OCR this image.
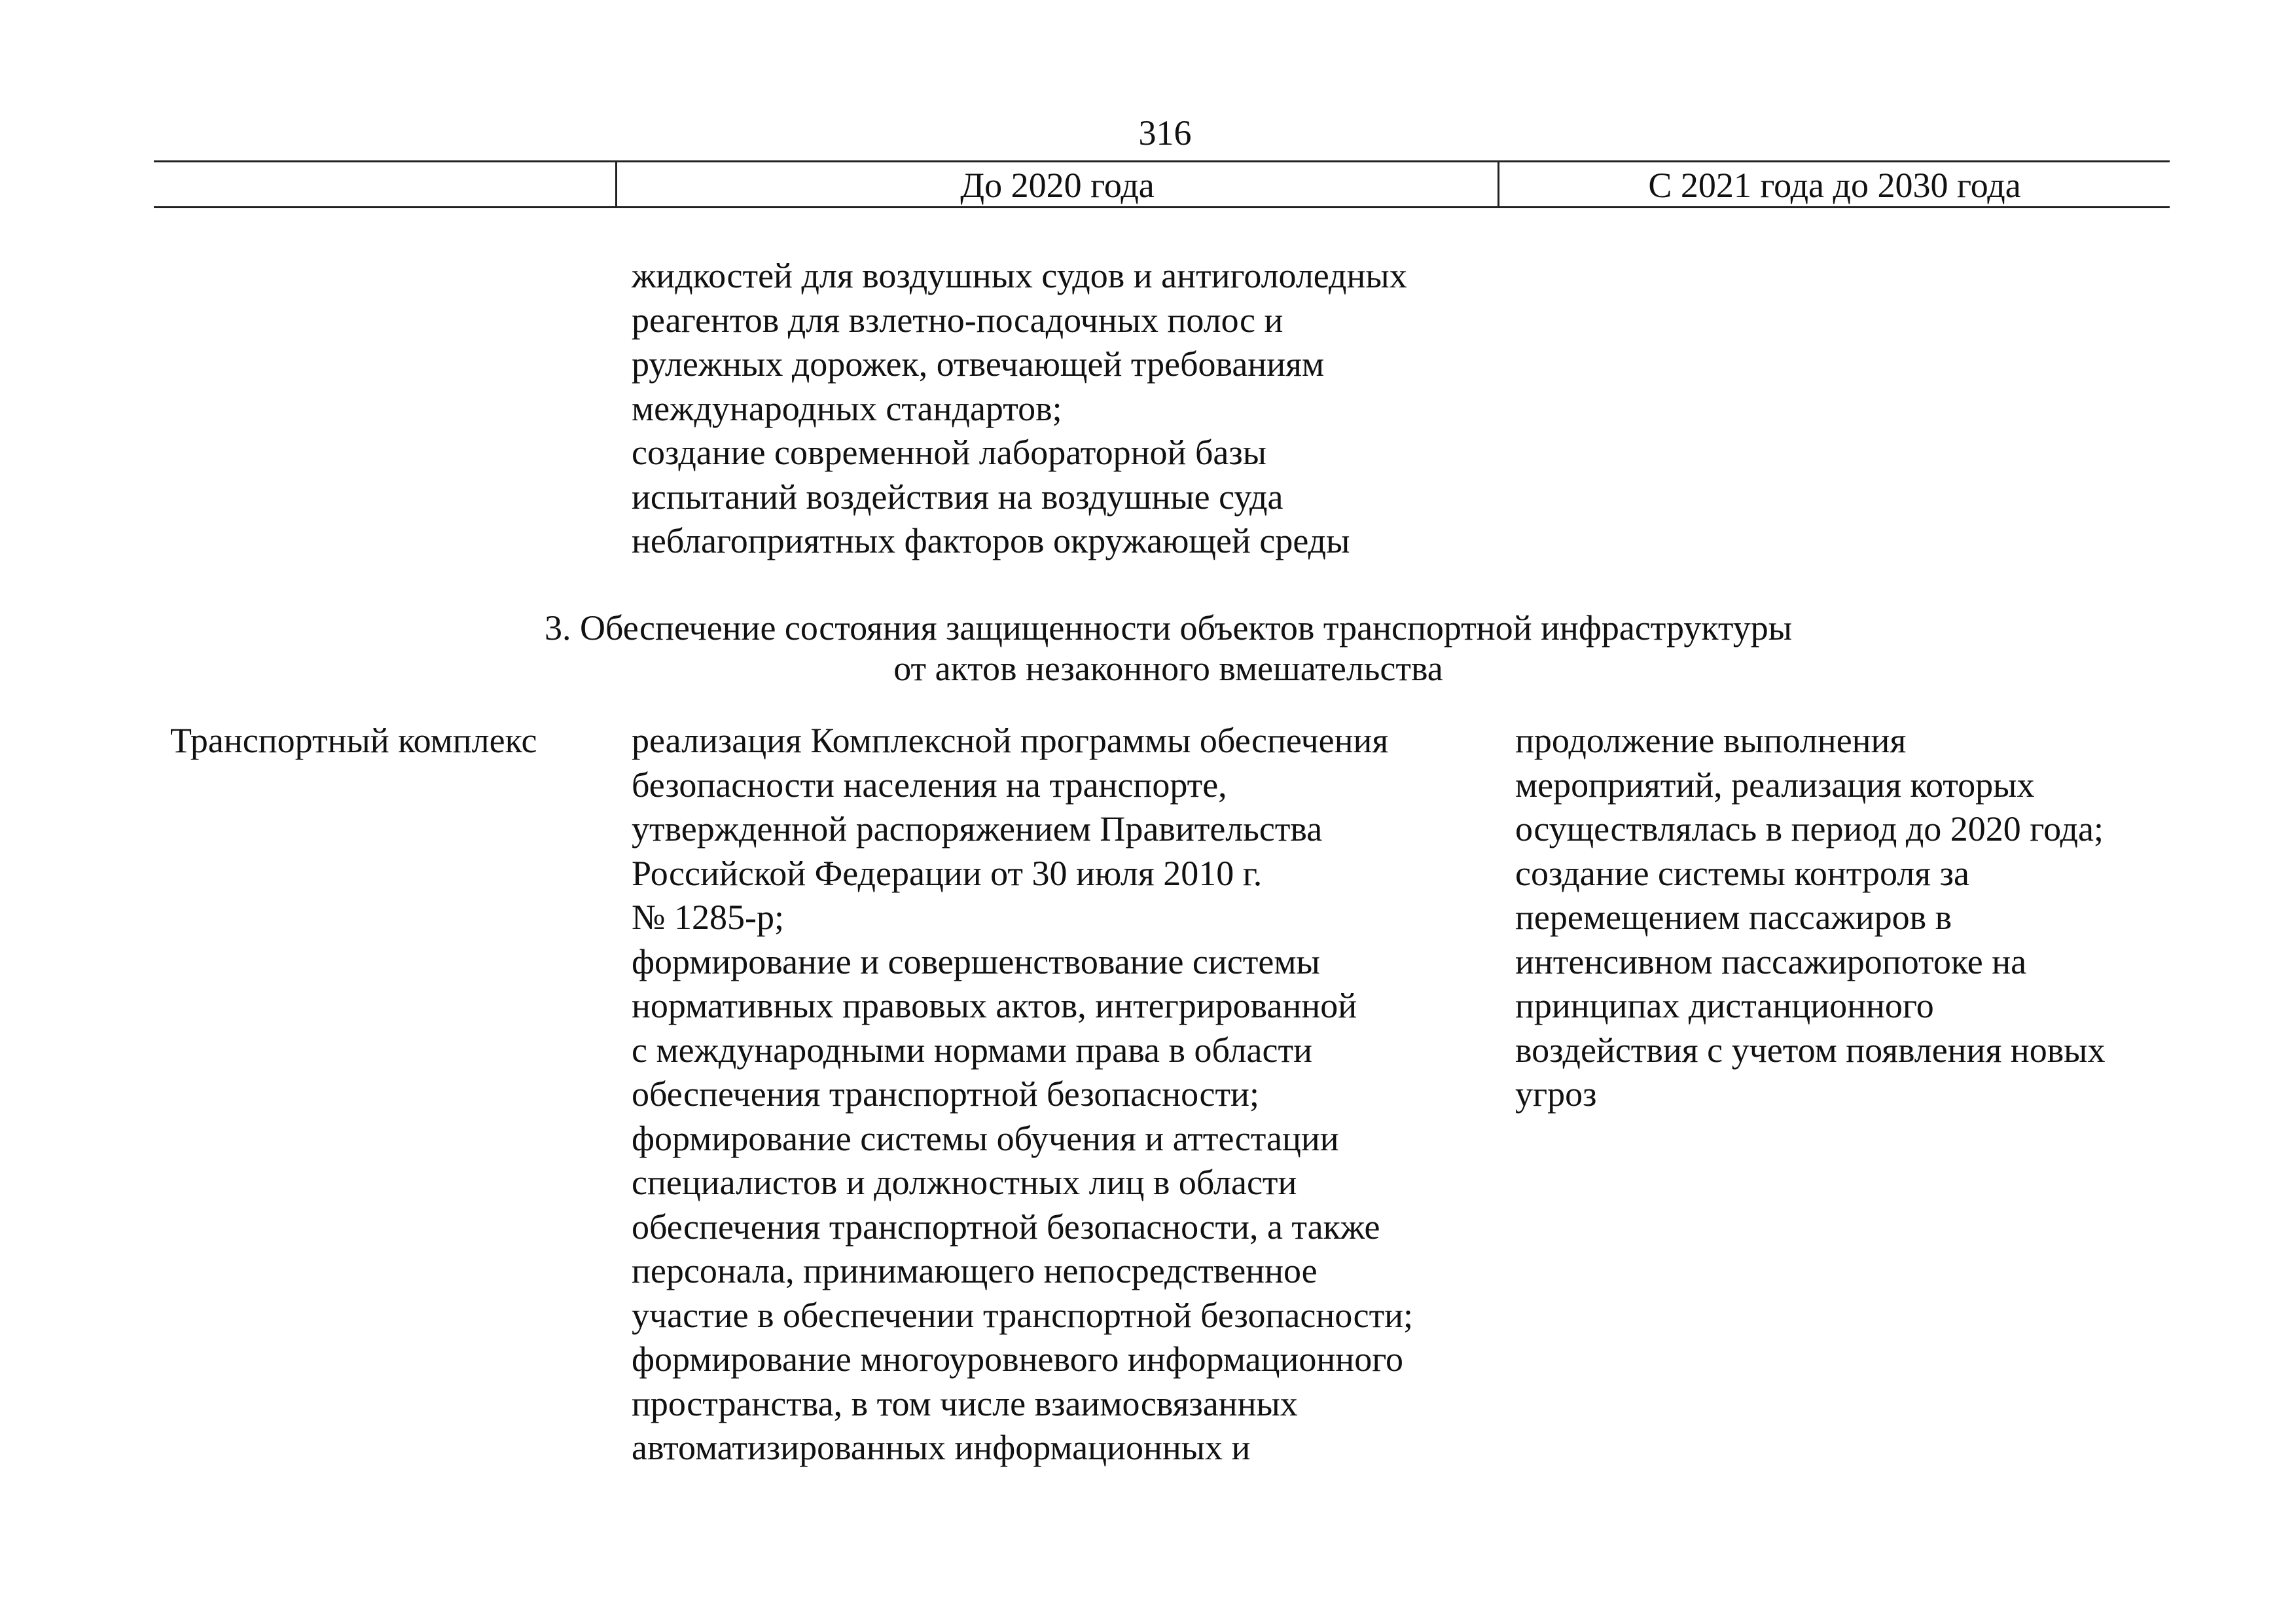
316
До 2020 года	С 2021 года до 2030 года
жидкостей для воздушных судов и антигололедных
реагентов для взлетно-посадочных полос и
рулежных дорожек, отвечающей требованиям
международных стандартов;
создание современной лабораторной базы
испытаний воздействия на воздушные суда
неблагоприятных факторов окружающей среды
3. Обеспечение состояния защищенности объектов транспортной инфраструктуры
от актов незаконного вмешательства
Транспортный комплекс	реализация Комплексной программы обеспечения
безопасности населения на транспорте,
утвержденной распоряжением Правительства
Российской Федерации от 30 июля 2010 г.
№ 1285-р;
формирование и совершенствование системы
нормативных правовых актов, интегрированной
с международными нормами права в области
обеспечения транспортной безопасности;
формирование системы обучения и аттестации
специалистов и должностных лиц в области
обеспечения транспортной безопасности, а также
персонала, принимающего непосредственное
участие в обеспечении транспортной безопасности;
формирование многоуровневого информационного
пространства, в том числе взаимосвязанных
автоматизированных информационных и
продолжение выполнения
мероприятий, реализация которых
осуществлялась в период до 2020 года;
создание системы контроля за
перемещением пассажиров в
интенсивном пассажиропотоке на
принципах дистанционного
воздействия с учетом появления новых
угроз
